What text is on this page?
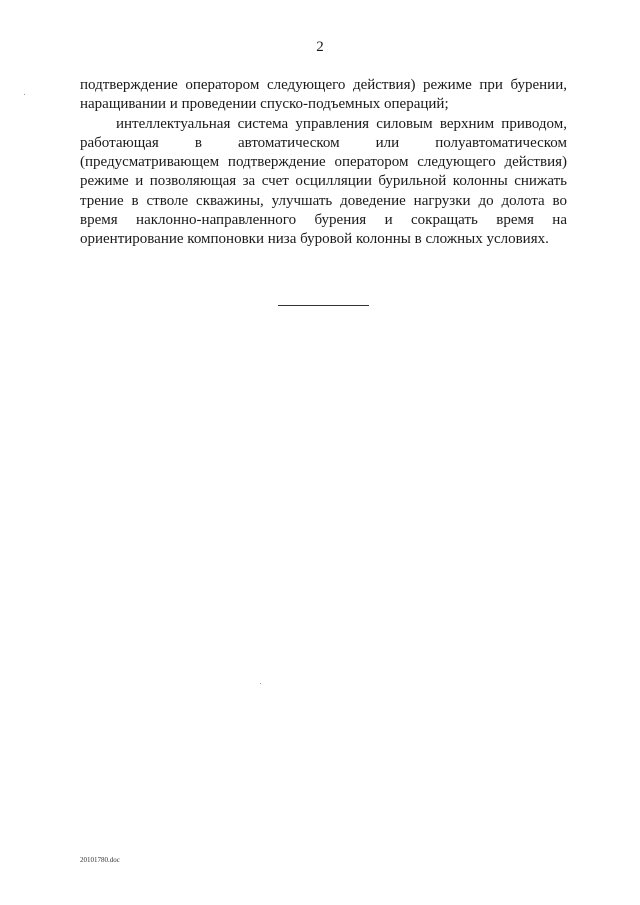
2

подтверждение оператором следующего действия) режиме при бурении,
наращивании и проведении спуско-подъемных операций;

интеллектуальная система управления силовым верхним приводом,
работающая в автоматическом или полуавтоматическом
(предусматривающем подтверждение оператором следующего действия)
режиме и позволяющая за счет осцилляции бурильной колонны снижать
трение в стволе скважины, улучшать доведение нагрузки до долота во
время наклонно-направленного бурения и сокращать время на
ориентирование компоновки низа буровой колонны в сложных условиях.

20101780.doc
